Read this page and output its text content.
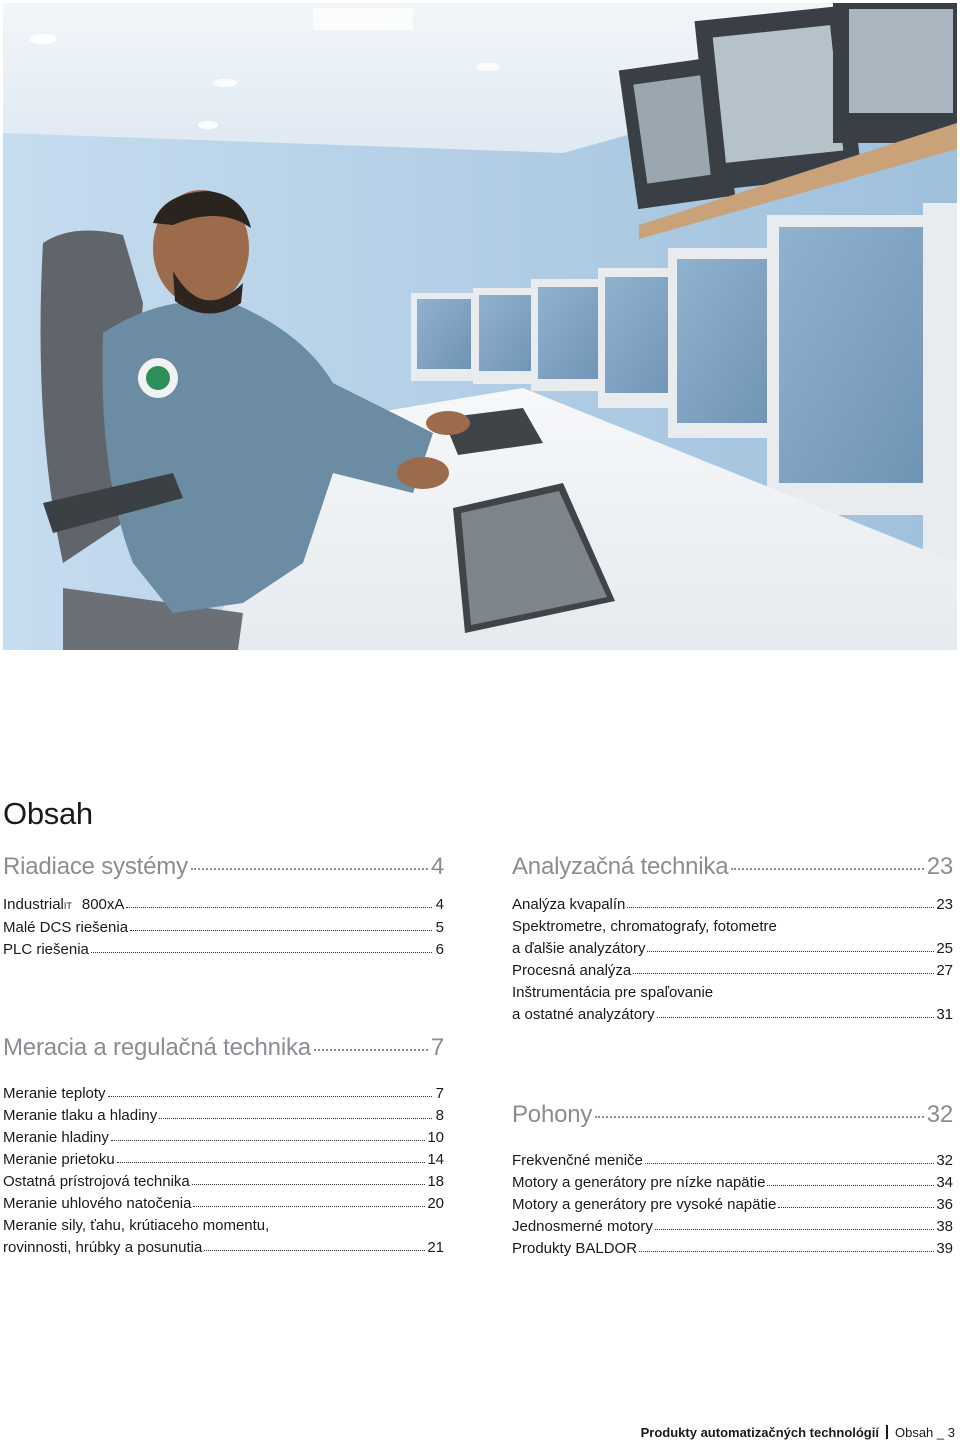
Obsah
Riadiace systémy	4
Industrial IT 800xA	4
Malé DCS riešenia	5
PLC riešenia	6
Meracia a regulačná technika	7
Meranie teploty	7
Meranie tlaku a hladiny	8
Meranie hladiny	10
Meranie prietoku	14
Ostatná prístrojová technika	18
Meranie uhlového natočenia	20
Meranie sily, ťahu, krútiaceho momentu,
rovinnosti, hrúbky a posunutia	21
Analyzačná technika	23
Analýza kvapalín	23
Spektrometre, chromatografy, fotometre
a ďalšie analyzátory	25
Procesná analýza	27
Inštrumentácia pre spaľovanie
a ostatné analyzátory	31
Pohony	32
Frekvenčné meniče	32
Motory a generátory pre nízke napätie	34
Motory a generátory pre vysoké napätie	36
Jednosmerné motory	38
Produkty BALDOR	39
Produkty automatizačných technológií Obsah _ 3
